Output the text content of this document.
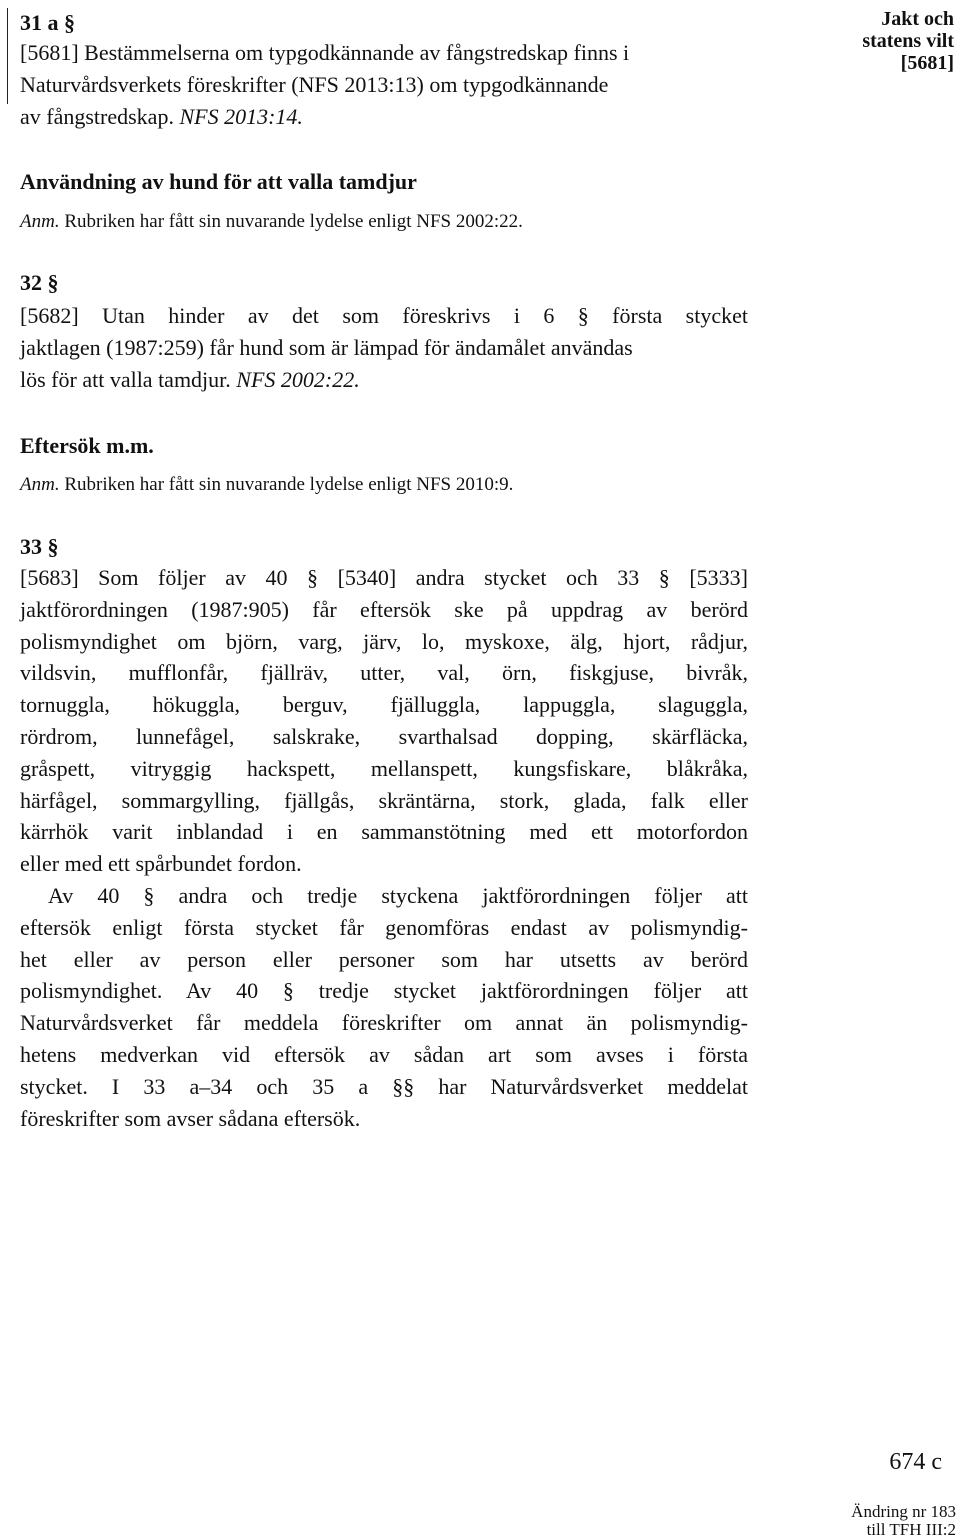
Jakt och
statens vilt
[5681]
31 a §
[5681] Bestämmelserna om typgodkännande av fångstredskap finns i
Naturvårdsverkets föreskrifter (NFS 2013:13) om typgodkännande
av fångstredskap. NFS 2013:14.
Användning av hund för att valla tamdjur
Anm. Rubriken har fått sin nuvarande lydelse enligt NFS 2002:22.
32 §
[5682] Utan hinder av det som föreskrivs i 6 § första stycket
jaktlagen (1987:259) får hund som är lämpad för ändamålet användas
lös för att valla tamdjur. NFS 2002:22.
Eftersök m.m.
Anm. Rubriken har fått sin nuvarande lydelse enligt NFS 2010:9.
33 §
[5683] Som följer av 40 § [5340] andra stycket och 33 § [5333]
jaktförordningen (1987:905) får eftersök ske på uppdrag av berörd
polismyndighet om björn, varg, järv, lo, myskoxe, älg, hjort, rådjur,
vildsvin, mufflonfår, fjällräv, utter, val, örn, fiskgjuse, bivråk,
tornuggla, hökuggla, berguv, fjälluggla, lappuggla, slaguggla,
rördrom, lunnefågel, salskrake, svarthalsad dopping, skärfläcka,
gråspett, vitryggig hackspett, mellanspett, kungsfiskare, blåkråka,
härfågel, sommargylling, fjällgås, skräntärna, stork, glada, falk eller
kärrhök varit inblandad i en sammanstötning med ett motorfordon
eller med ett spårbundet fordon.
Av 40 § andra och tredje styckena jaktförordningen följer att
eftersök enligt första stycket får genomföras endast av polismyndig-
het eller av person eller personer som har utsetts av berörd
polismyndighet. Av 40 § tredje stycket jaktförordningen följer att
Naturvårdsverket får meddela föreskrifter om annat än polismyndig-
hetens medverkan vid eftersök av sådan art som avses i första
stycket. I 33 a–34 och 35 a §§ har Naturvårdsverket meddelat
föreskrifter som avser sådana eftersök.
674 c
Ändring nr 183
till TFH III:2
